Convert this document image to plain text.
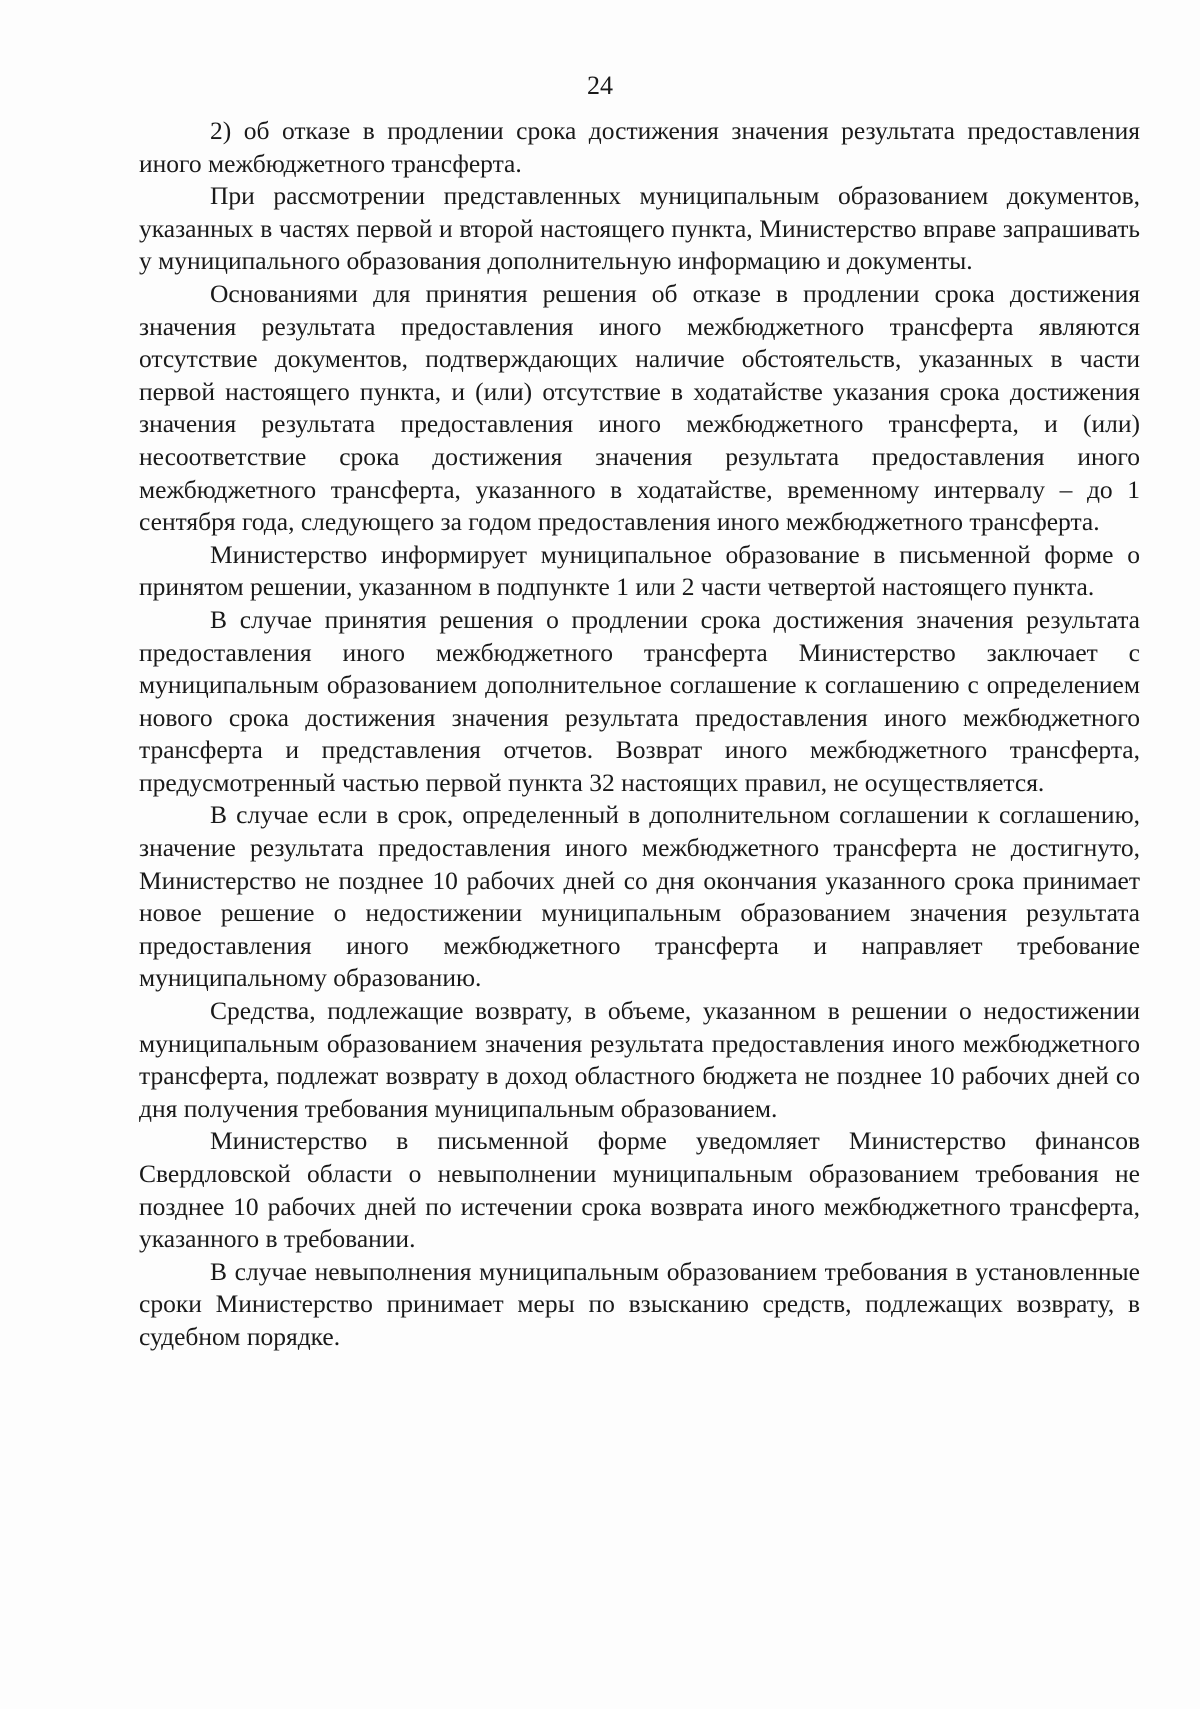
24

2) об отказе в продлении срока достижения значения результата предоставления иного межбюджетного трансферта.

При рассмотрении представленных муниципальным образованием документов, указанных в частях первой и второй настоящего пункта, Министерство вправе запрашивать у муниципального образования дополнительную информацию и документы.

Основаниями для принятия решения об отказе в продлении срока достижения значения результата предоставления иного межбюджетного трансферта являются отсутствие документов, подтверждающих наличие обстоятельств, указанных в части первой настоящего пункта, и (или) отсутствие в ходатайстве указания срока достижения значения результата предоставления иного межбюджетного трансферта, и (или) несоответствие срока достижения значения результата предоставления иного межбюджетного трансферта, указанного в ходатайстве, временному интервалу – до 1 сентября года, следующего за годом предоставления иного межбюджетного трансферта.

Министерство информирует муниципальное образование в письменной форме о принятом решении, указанном в подпункте 1 или 2 части четвертой настоящего пункта.

В случае принятия решения о продлении срока достижения значения результата предоставления иного межбюджетного трансферта Министерство заключает с муниципальным образованием дополнительное соглашение к соглашению с определением нового срока достижения значения результата предоставления иного межбюджетного трансферта и представления отчетов. Возврат иного межбюджетного трансферта, предусмотренный частью первой пункта 32 настоящих правил, не осуществляется.

В случае если в срок, определенный в дополнительном соглашении к соглашению, значение результата предоставления иного межбюджетного трансферта не достигнуто, Министерство не позднее 10 рабочих дней со дня окончания указанного срока принимает новое решение о недостижении муниципальным образованием значения результата предоставления иного межбюджетного трансферта и направляет требование муниципальному образованию.

Средства, подлежащие возврату, в объеме, указанном в решении о недостижении муниципальным образованием значения результата предоставления иного межбюджетного трансферта, подлежат возврату в доход областного бюджета не позднее 10 рабочих дней со дня получения требования муниципальным образованием.

Министерство в письменной форме уведомляет Министерство финансов Свердловской области о невыполнении муниципальным образованием требования не позднее 10 рабочих дней по истечении срока возврата иного межбюджетного трансферта, указанного в требовании.

В случае невыполнения муниципальным образованием требования в установленные сроки Министерство принимает меры по взысканию средств, подлежащих возврату, в судебном порядке.
